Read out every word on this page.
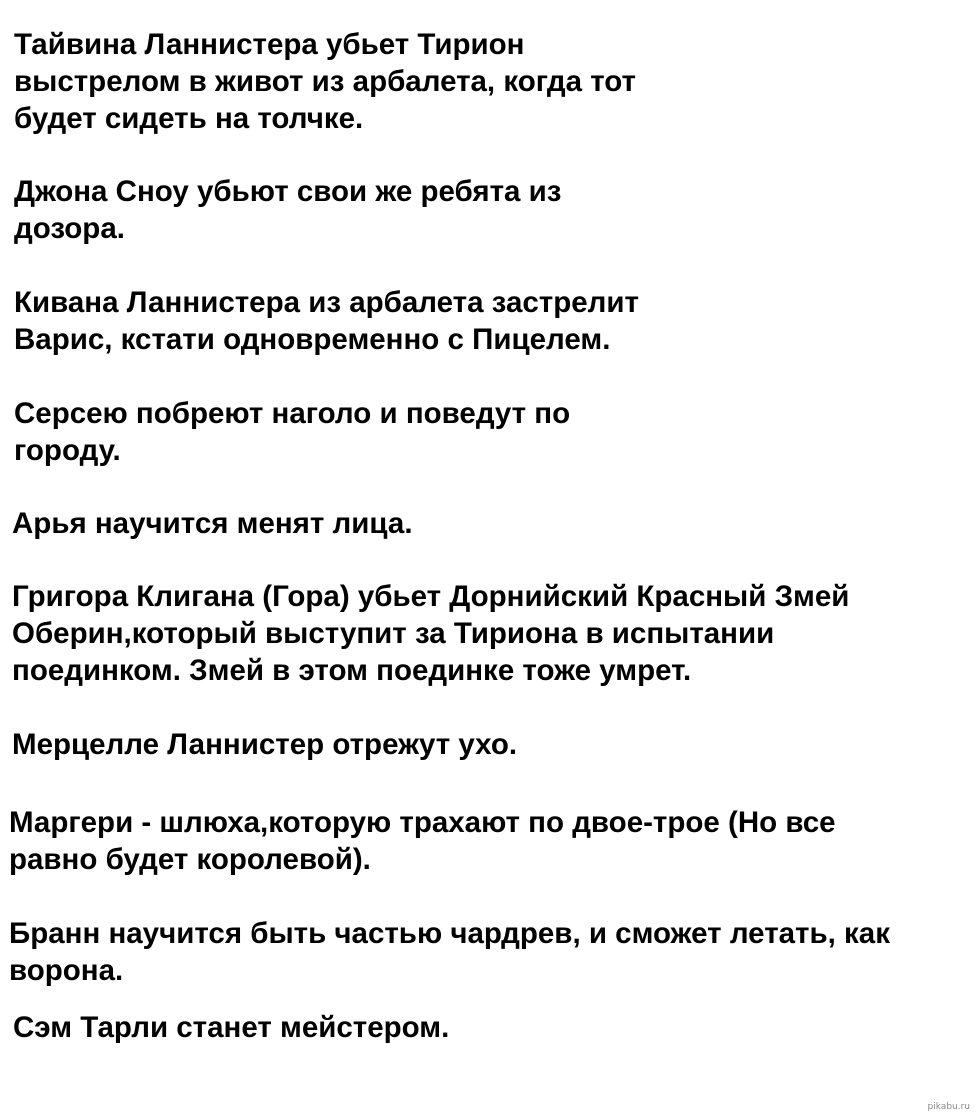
Тайвина Ланнистера убьет Тирион
выстрелом в живот из арбалета, когда тот
будет сидеть на толчке.

Джона Сноу убьют свои же ребята из
дозора.

Кивана Ланнистера из арбалета застрелит
Варис, кстати одновременно с Пицелем.

Серсею побреют наголо и поведут по
городу.

Арья научится менят лица.

Григора Клигана (Гора) убьет Дорнийский Красный Змей
Оберин,который выступит за Тириона в испытании
поединком. Змей в этом поединке тоже умрет.

Мерцелле Ланнистер отрежут ухо.

Маргери - шлюха,которую трахают по двое-трое (Но все
равно будет королевой).

Бранн научится быть частью чардрев, и сможет летать, как
ворона.

Сэм Тарли станет мейстером.

pikabu.ru
